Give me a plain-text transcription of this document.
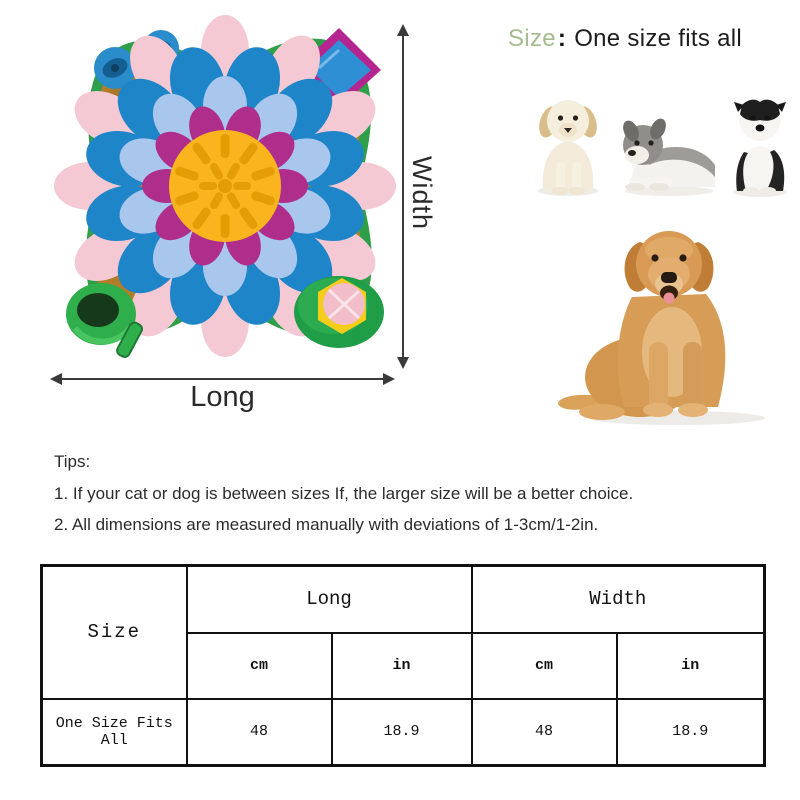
Width
Long
Size: One size fits all
Tips:
1. If your cat or dog is between sizes If, the larger size will be a better choice.
2. All dimensions are measured manually with deviations of 1-3cm/1-2in.
Size	Long		Width	
	cm	in	cm	in
One Size Fits All	48	18.9	48	18.9
